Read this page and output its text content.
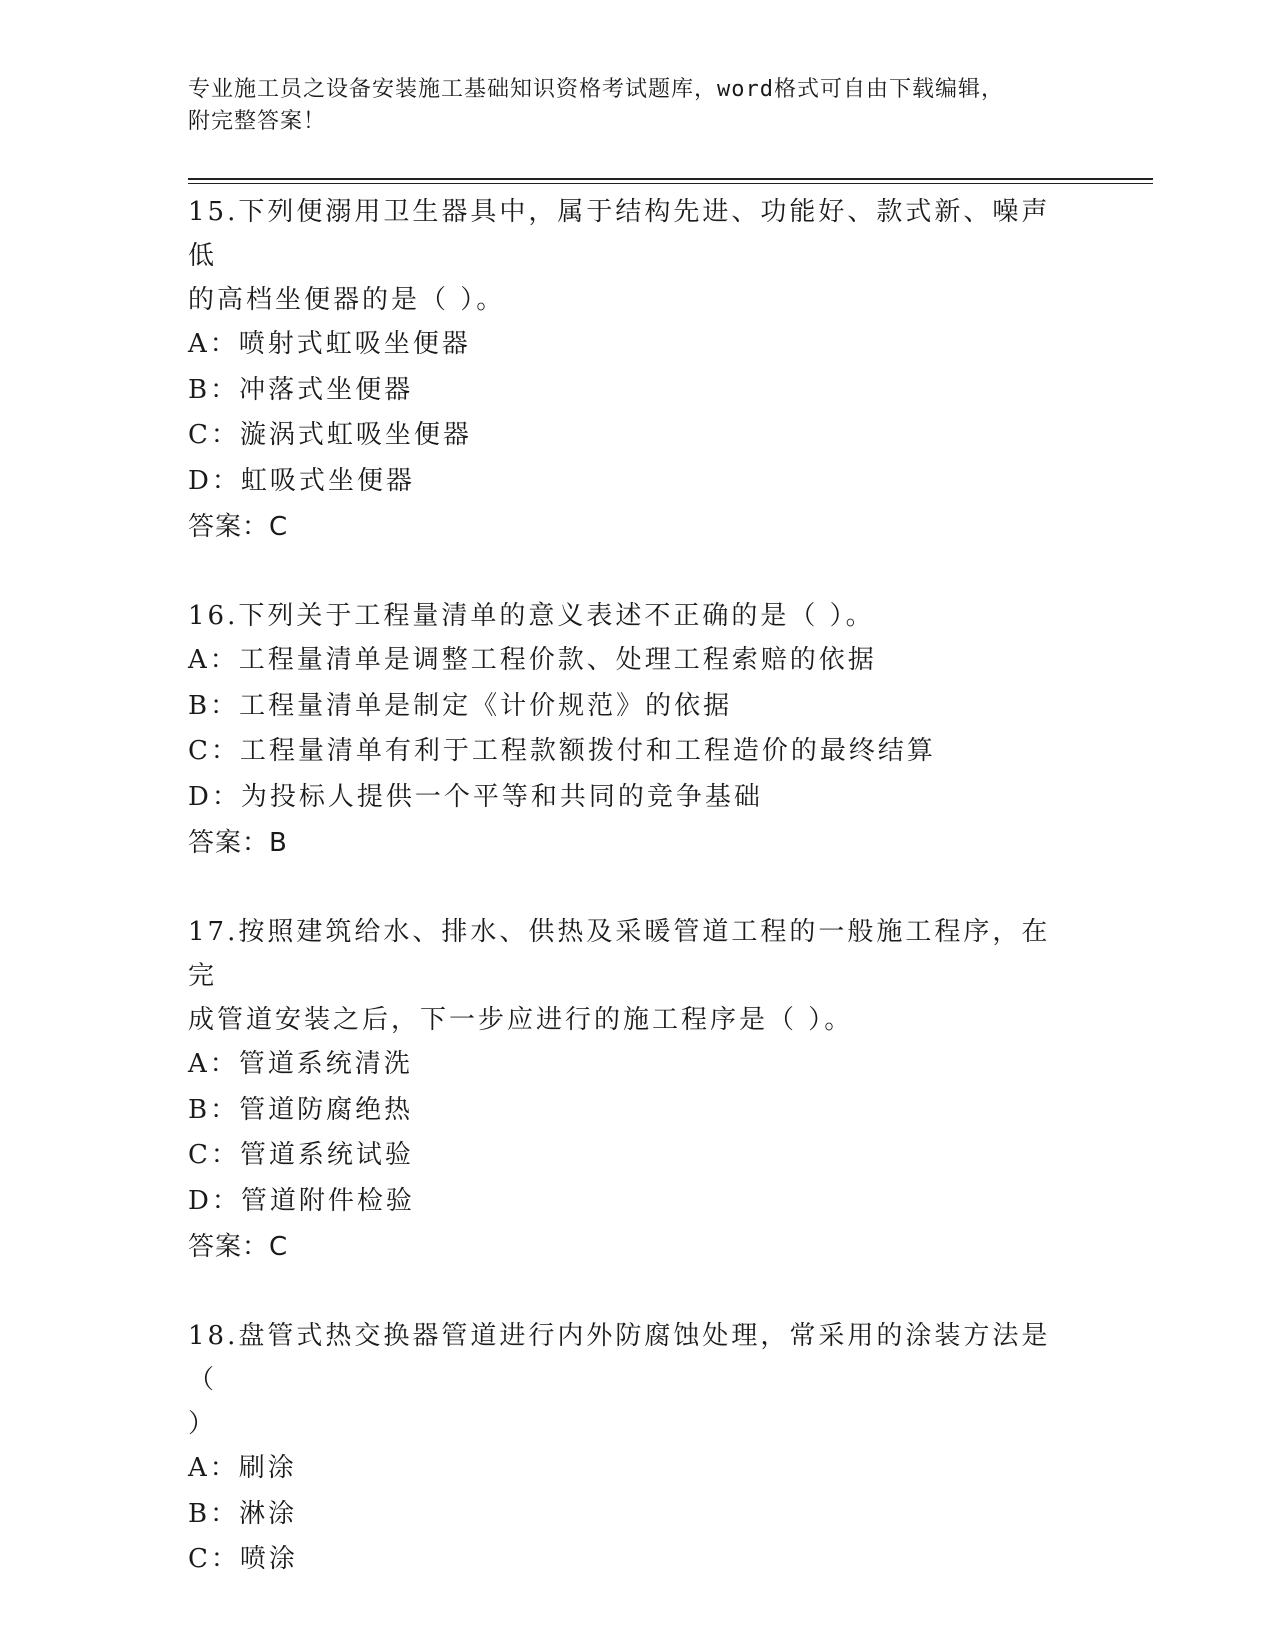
专业施工员之设备安装施工基础知识资格考试题库，word格式可自由下载编辑，
附完整答案！
15.下列便溺用卫生器具中，属于结构先进、功能好、款式新、噪声低
的高档坐便器的是（ ）。
A：喷射式虹吸坐便器
B：冲落式坐便器
C：漩涡式虹吸坐便器
D：虹吸式坐便器
答案：C
16.下列关于工程量清单的意义表述不正确的是（ ）。
A：工程量清单是调整工程价款、处理工程索赔的依据
B：工程量清单是制定《计价规范》的依据
C：工程量清单有利于工程款额拨付和工程造价的最终结算
D：为投标人提供一个平等和共同的竞争基础
答案：B
17.按照建筑给水、排水、供热及采暖管道工程的一般施工程序，在完
成管道安装之后，下一步应进行的施工程序是（ ）。
A：管道系统清洗
B：管道防腐绝热
C：管道系统试验
D：管道附件检验
答案：C
18.盘管式热交换器管道进行内外防腐蚀处理，常采用的涂装方法是（
）
A：刷涂
B：淋涂
C：喷涂
